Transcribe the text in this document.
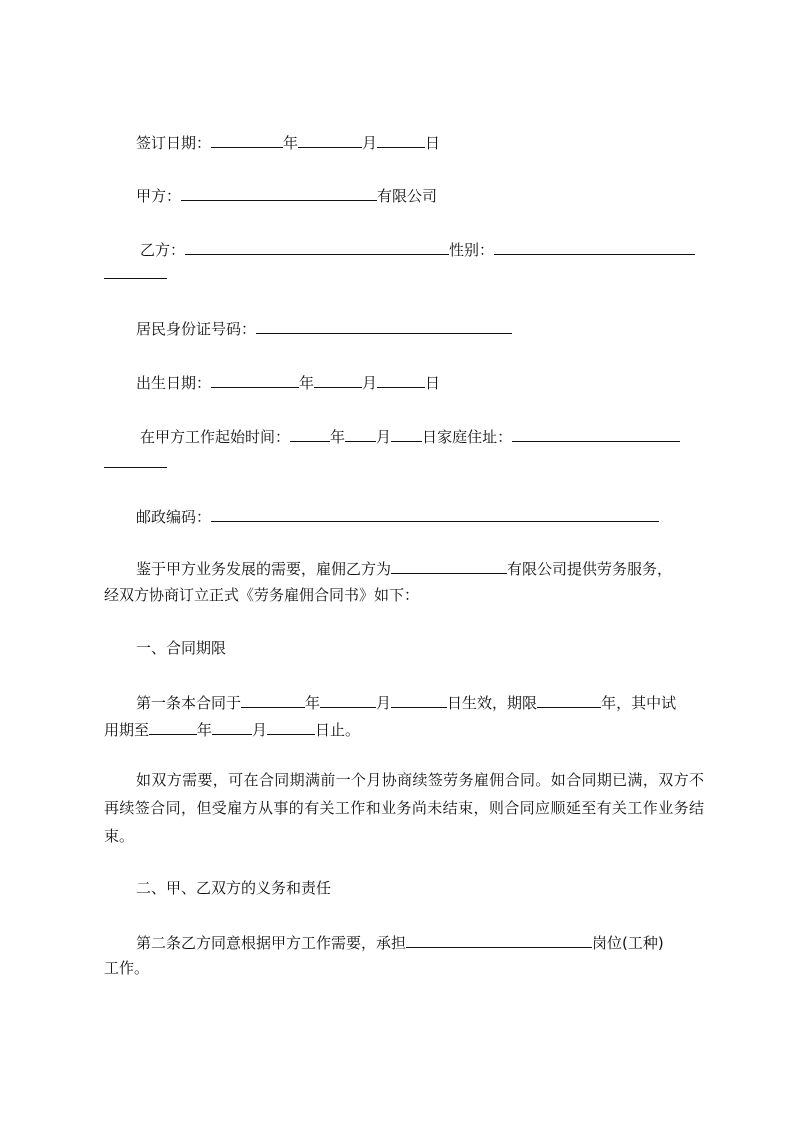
签订日期：	年	月	日

甲方：	有限公司

乙方：	性别：

居民身份证号码：

出生日期：	年	月	日

在甲方工作起始时间：	年 月 日家庭住址：

邮政编码：

鉴于甲方业务发展的需要，雇佣乙方为	有限公司提供劳务服务，

经双方协商订立正式《劳务雇佣合同书》如下：

一、合同期限

第一条本合同于	年	月	日生效，期限	年，其中试

用期至	年	月	日止。

如双方需要，可在合同期满前一个月协商续签劳务雇佣合同。如合同期已满，双方不再续签合同，但受雇方从事的有关工作和业务尚未结束，则合同应顺延至有关工作业务结束。

二、甲、乙双方的义务和责任

第二条乙方同意根据甲方工作需要，承担	岗位(工种)

工作。
